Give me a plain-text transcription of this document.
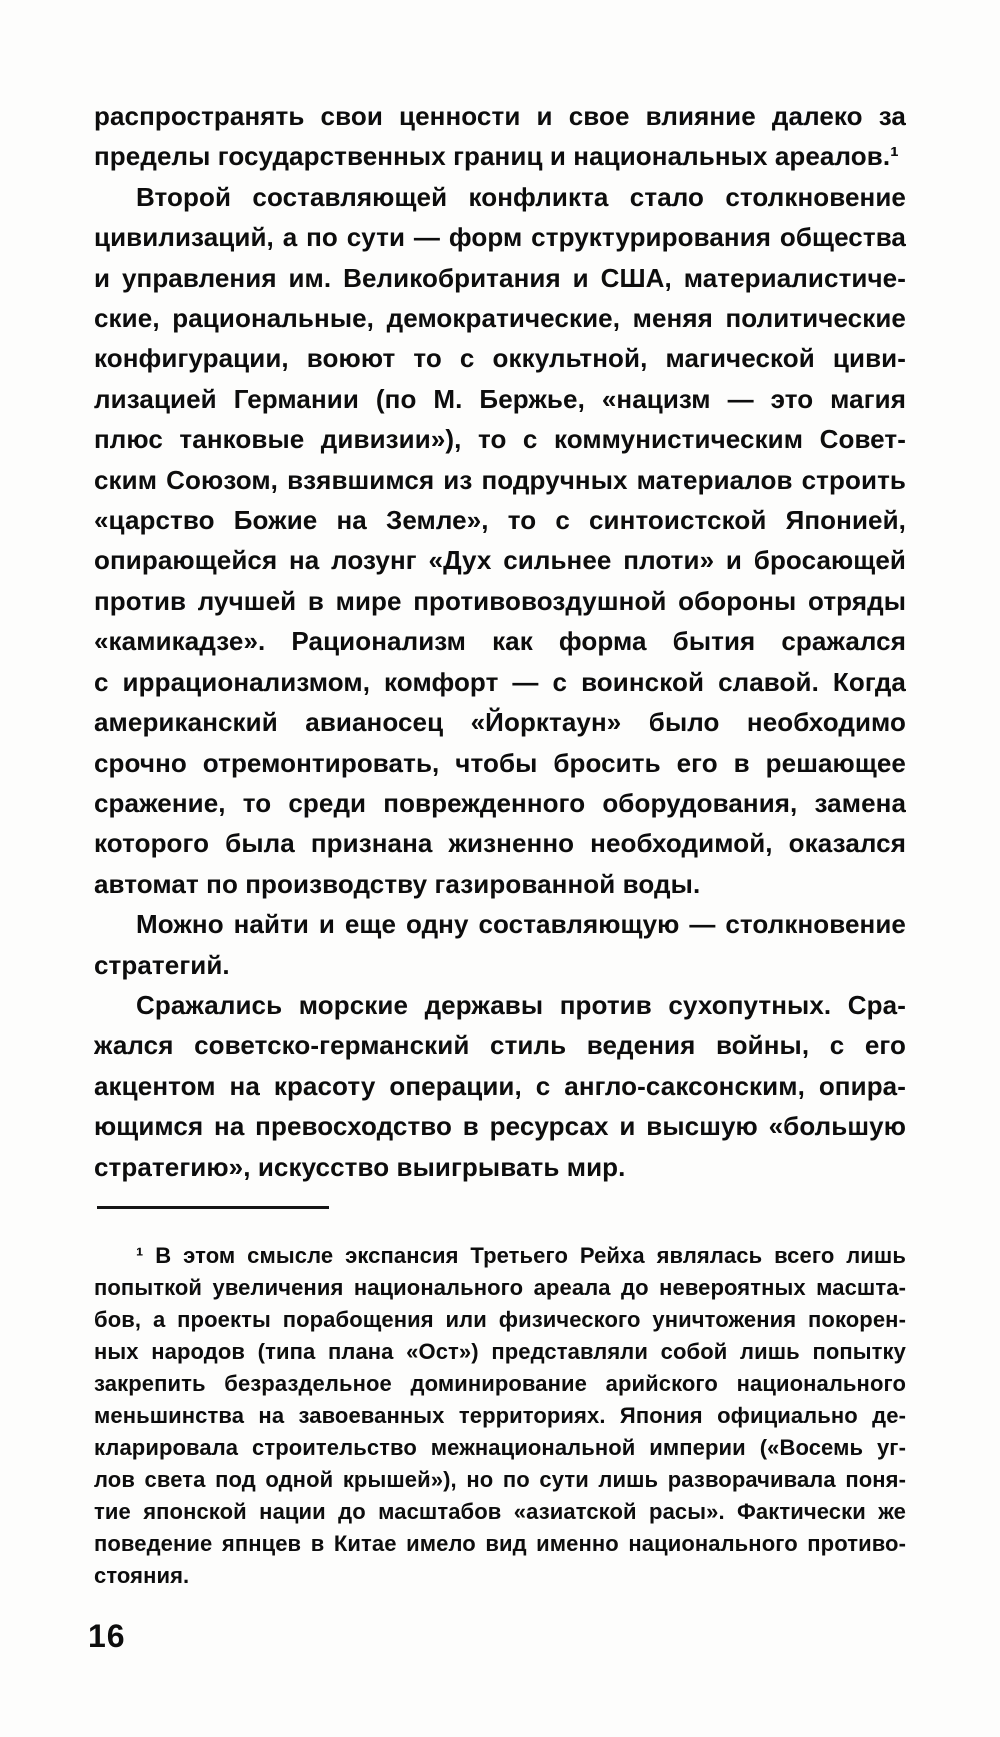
распространять свои ценности и свое влияние далеко за
пределы государственных границ и национальных ареалов.¹
Второй составляющей конфликта стало столкновение
цивилизаций, а по сути — форм структурирования общества
и управления им. Великобритания и США, материалистиче-
ские, рациональные, демократические, меняя политические
конфигурации, воюют то с оккультной, магической циви-
лизацией Германии (по М. Бержье, «нацизм — это магия
плюс танковые дивизии»), то с коммунистическим Совет-
ским Союзом, взявшимся из подручных материалов строить
«царство Божие на Земле», то с синтоистской Японией,
опирающейся на лозунг «Дух сильнее плоти» и бросающей
против лучшей в мире противовоздушной обороны отряды
«камикадзе». Рационализм как форма бытия сражался
с иррационализмом, комфорт — с воинской славой. Когда
американский авианосец «Йорктаун» было необходимо
срочно отремонтировать, чтобы бросить его в решающее
сражение, то среди поврежденного оборудования, замена
которого была признана жизненно необходимой, оказался
автомат по производству газированной воды.
Можно найти и еще одну составляющую — столкновение
стратегий.
Сражались морские державы против сухопутных. Сра-
жался советско-германский стиль ведения войны, с его
акцентом на красоту операции, с англо-саксонским, опира-
ющимся на превосходство в ресурсах и высшую «большую
стратегию», искусство выигрывать мир.
¹ В этом смысле экспансия Третьего Рейха являлась всего лишь
попыткой увеличения национального ареала до невероятных масшта-
бов, а проекты порабощения или физического уничтожения покорен-
ных народов (типа плана «Ост») представляли собой лишь попытку
закрепить безраздельное доминирование арийского национального
меньшинства на завоеванных территориях. Япония официально де-
кларировала строительство межнациональной империи («Восемь уг-
лов света под одной крышей»), но по сути лишь разворачивала поня-
тие японской нации до масштабов «азиатской расы». Фактически же
поведение япнцев в Китае имело вид именно национального противо-
стояния.
16
